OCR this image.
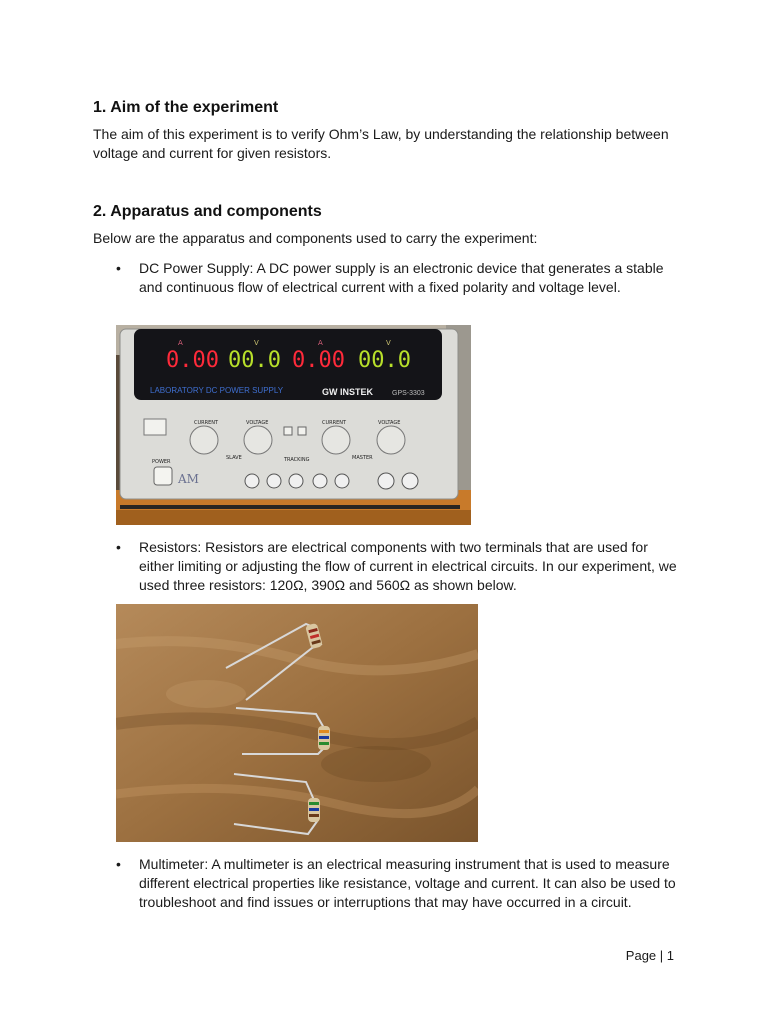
1. Aim of the experiment

The aim of this experiment is to verify Ohm’s Law, by understanding the relationship between voltage and current for given resistors.

2. Apparatus and components

Below are the apparatus and components used to carry the experiment:

• DC Power Supply: A DC power supply is an electronic device that generates a stable and continuous flow of electrical current with a fixed polarity and voltage level.

A	V	A	V
0.00 00.0 0.00 00.0
LABORATORY DC POWER SUPPLY	GW INSTEK	GPS-3303
CURRENT	VOLTAGE	CURRENT	VOLTAGE
SLAVE	MASTER
TRACKING
POWER
AM
• Resistors: Resistors are electrical components with two terminals that are used for either limiting or adjusting the flow of current in electrical circuits. In our experiment, we used three resistors: 120Ω, 390Ω and 560Ω as shown below.

• Multimeter: A multimeter is an electrical measuring instrument that is used to measure different electrical properties like resistance, voltage and current. It can also be used to troubleshoot and find issues or interruptions that may have occurred in a circuit.

Page | 1
